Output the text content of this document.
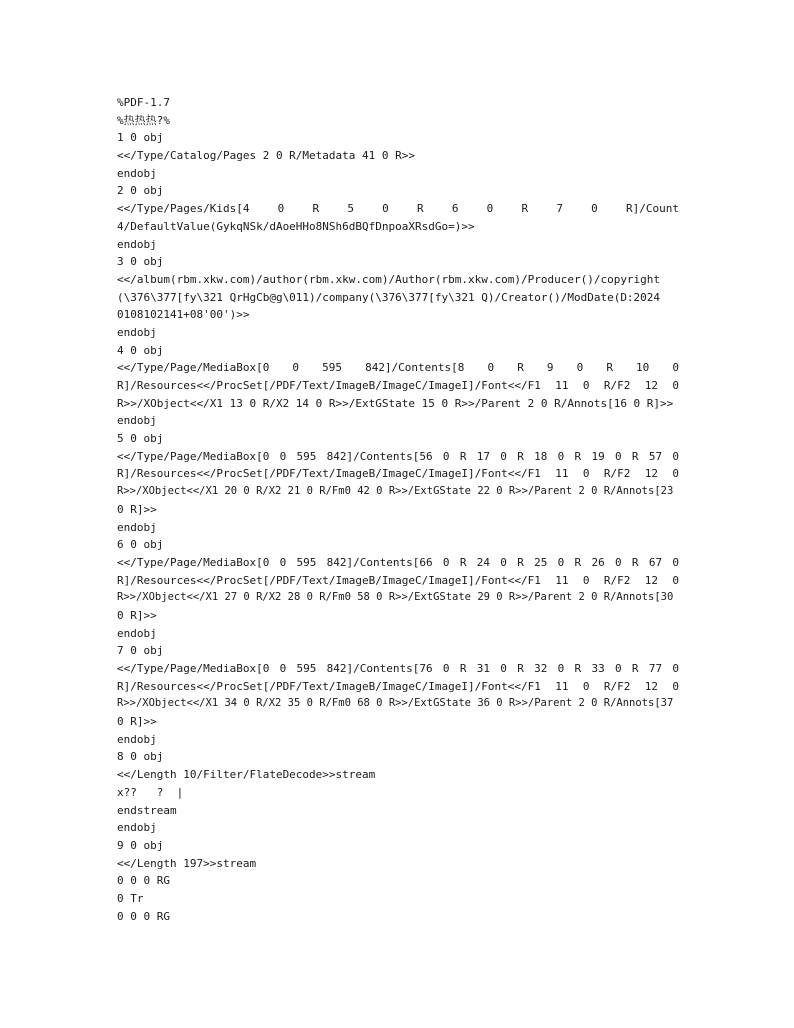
%PDF-1.7
%热热热?%
1 0 obj
<</Type/Catalog/Pages 2 0 R/Metadata 41 0 R>>
endobj
2 0 obj
<</Type/Pages/Kids[4 0 R 5 0 R 6 0 R 7 0 R]/Count
4/DefaultValue(GykqNSk/dAoeHHo8NSh6dBQfDnpoaXRsdGo=)>>
endobj
3 0 obj
<</album(rbm.xkw.com)/author(rbm.xkw.com)/Author(rbm.xkw.com)/Producer()/copyright
(\376\377[fy\321 QrHgCb@g\011)/company(\376\377[fy\321 Q)/Creator()/ModDate(D:2024
0108102141+08'00')>>
endobj
4 0 obj
<</Type/Page/MediaBox[0 0 595 842]/Contents[8 0 R 9 0 R 10 0
R]/Resources<</ProcSet[/PDF/Text/ImageB/ImageC/ImageI]/Font<</F1 11 0 R/F2 12 0
R>>/XObject<</X1 13 0 R/X2 14 0 R>>/ExtGState 15 0 R>>/Parent 2 0 R/Annots[16 0 R]>>
endobj
5 0 obj
<</Type/Page/MediaBox[0 0 595 842]/Contents[56 0 R 17 0 R 18 0 R 19 0 R 57 0
R]/Resources<</ProcSet[/PDF/Text/ImageB/ImageC/ImageI]/Font<</F1 11 0 R/F2 12 0
R>>/XObject<</X1 20 0 R/X2 21 0 R/Fm0 42 0 R>>/ExtGState 22 0 R>>/Parent 2 0 R/Annots[23
0 R]>>
endobj
6 0 obj
<</Type/Page/MediaBox[0 0 595 842]/Contents[66 0 R 24 0 R 25 0 R 26 0 R 67 0
R]/Resources<</ProcSet[/PDF/Text/ImageB/ImageC/ImageI]/Font<</F1 11 0 R/F2 12 0
R>>/XObject<</X1 27 0 R/X2 28 0 R/Fm0 58 0 R>>/ExtGState 29 0 R>>/Parent 2 0 R/Annots[30
0 R]>>
endobj
7 0 obj
<</Type/Page/MediaBox[0 0 595 842]/Contents[76 0 R 31 0 R 32 0 R 33 0 R 77 0
R]/Resources<</ProcSet[/PDF/Text/ImageB/ImageC/ImageI]/Font<</F1 11 0 R/F2 12 0
R>>/XObject<</X1 34 0 R/X2 35 0 R/Fm0 68 0 R>>/ExtGState 36 0 R>>/Parent 2 0 R/Annots[37
0 R]>>
endobj
8 0 obj
<</Length 10/Filter/FlateDecode>>stream
x??   ?  |
endstream
endobj
9 0 obj
<</Length 197>>stream
0 0 0 RG
0 Tr
0 0 0 RG
